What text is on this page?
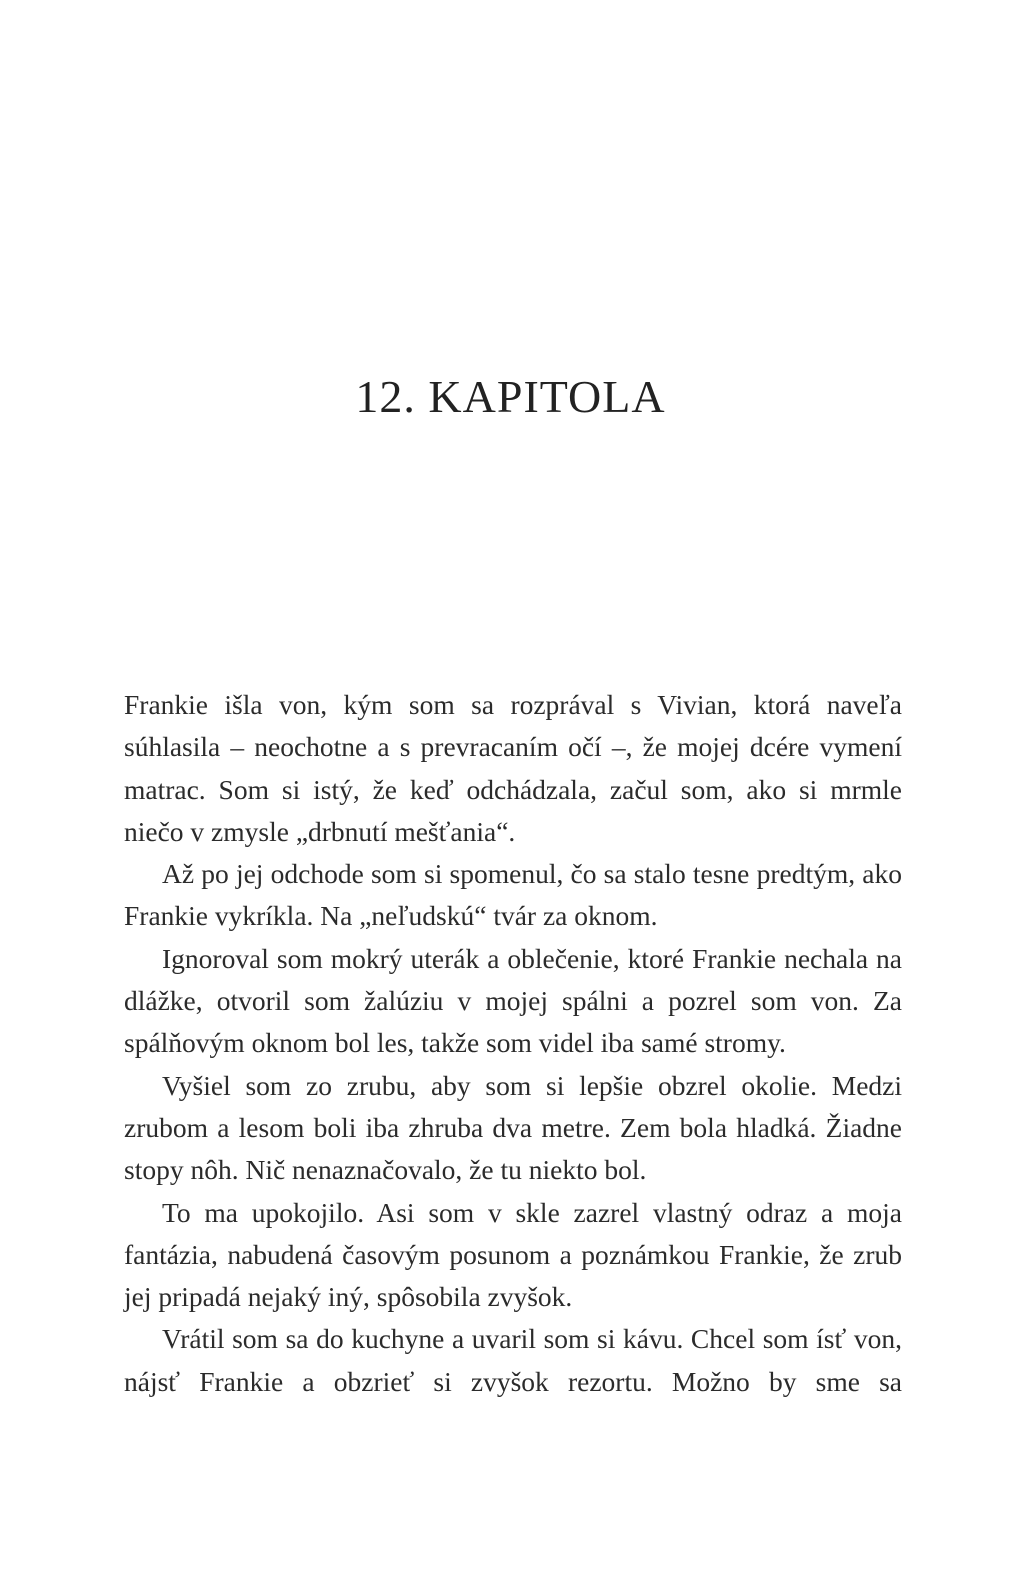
12. KAPITOLA

Frankie išla von, kým som sa rozprával s Vivian, ktorá naveľa súhlasila – neochotne a s prevracaním očí –, že mojej dcére vymení matrac. Som si istý, že keď odchádzala, začul som, ako si mrmle niečo v zmysle „drbnutí mešťania“.

Až po jej odchode som si spomenul, čo sa stalo tesne predtým, ako Frankie vykríkla. Na „neľudskú“ tvár za oknom.

Ignoroval som mokrý uterák a oblečenie, ktoré Frankie nechala na dlážke, otvoril som žalúziu v mojej spálni a pozrel som von. Za spálňovým oknom bol les, takže som videl iba samé stromy.

Vyšiel som zo zrubu, aby som si lepšie obzrel okolie. Medzi zrubom a lesom boli iba zhruba dva metre. Zem bola hladká. Žiadne stopy nôh. Nič nenaznačovalo, že tu niekto bol.

To ma upokojilo. Asi som v skle zazrel vlastný odraz a moja fantázia, nabudená časovým posunom a poznámkou Frankie, že zrub jej pripadá nejaký iný, spôsobila zvyšok.

Vrátil som sa do kuchyne a uvaril som si kávu. Chcel som ísť von, nájsť Frankie a obzrieť si zvyšok rezortu. Možno by sme sa
